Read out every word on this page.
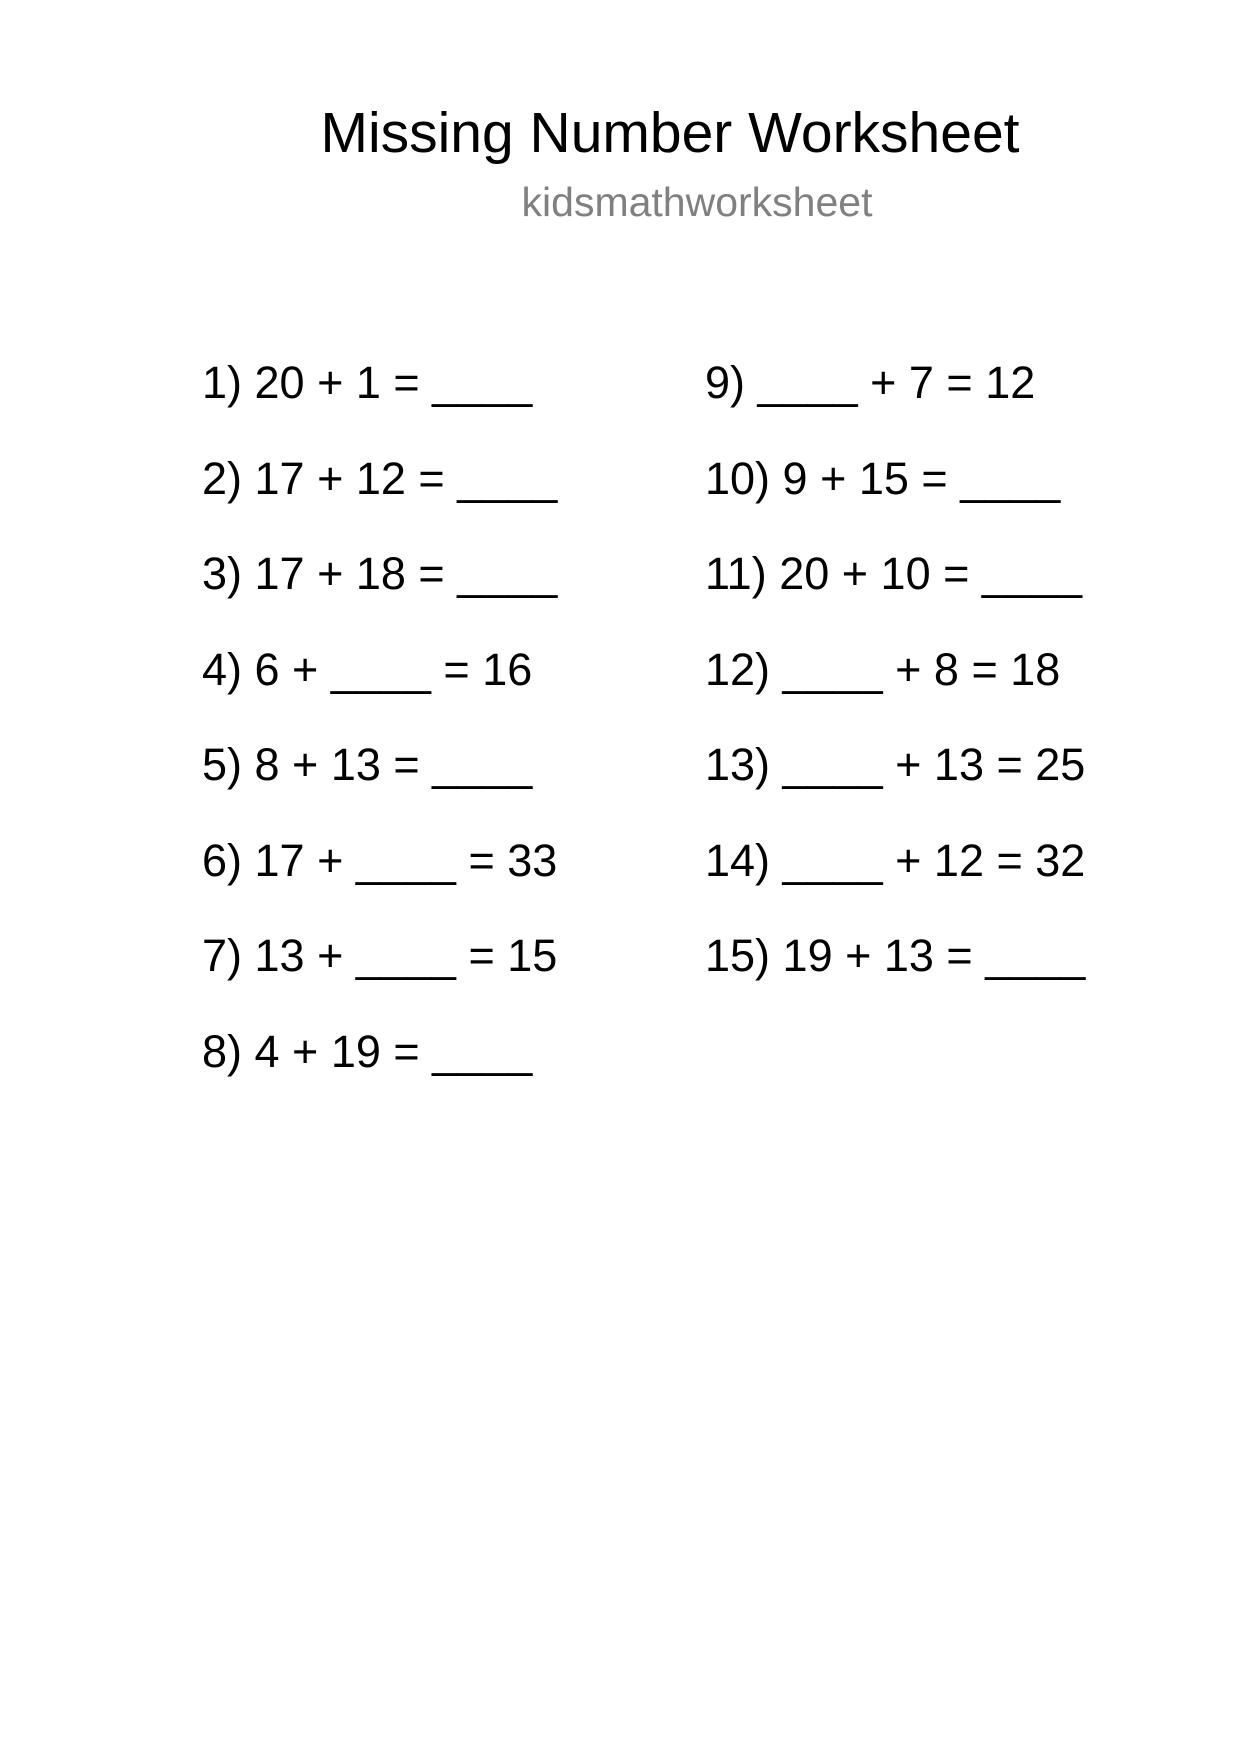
Missing Number Worksheet
kidsmathworksheet
1) 20 + 1 = ____
2) 17 + 12 = ____
3) 17 + 18 = ____
4) 6 + ____ = 16
5) 8 + 13 = ____
6) 17 + ____ = 33
7) 13 + ____ = 15
8) 4 + 19 = ____
9) ____ + 7 = 12
10) 9 + 15 = ____
11) 20 + 10 = ____
12) ____ + 8 = 18
13) ____ + 13 = 25
14) ____ + 12 = 32
15) 19 + 13 = ____
